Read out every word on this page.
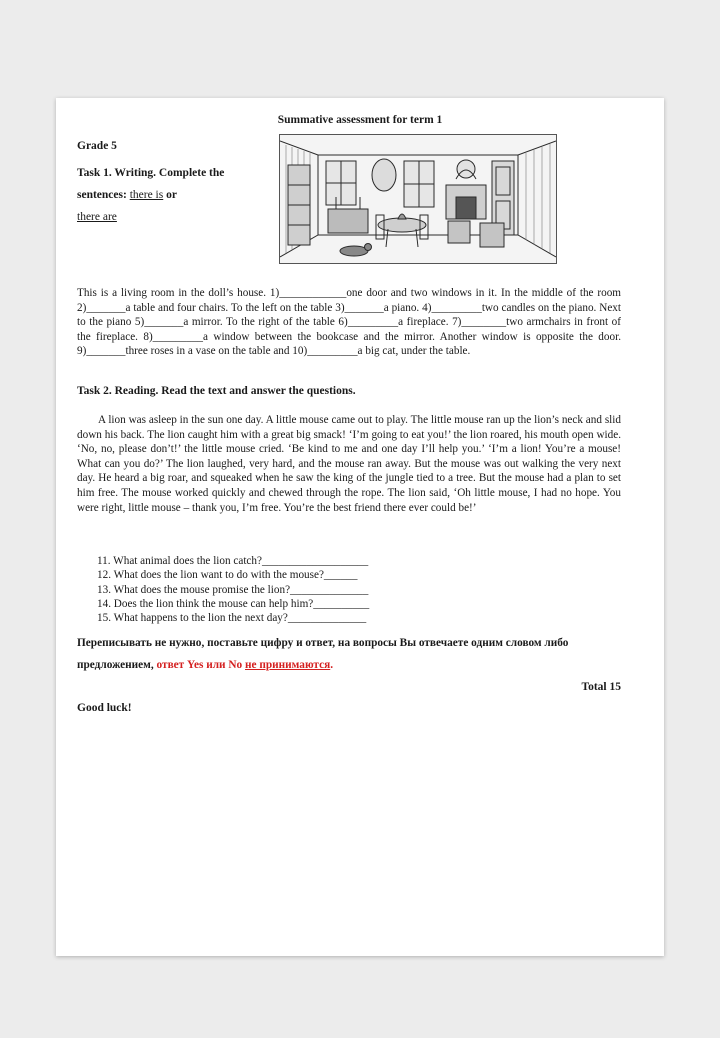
Summative assessment for term 1
Grade 5
Task 1. Writing. Complete the sentences: there is or
there are
This is a living room in the doll’s house. 1)____________one door and two windows in it. In the middle of the room 2)_______a table and four chairs. To the left on the table 3)_______a piano. 4)_________two candles on the piano. Next to the piano 5)_______a mirror. To the right of the table 6)_________a fireplace. 7)________two armchairs in front of the fireplace. 8)_________a window between the bookcase and the mirror. Another window is opposite the door. 9)_______three roses in a vase on the table and 10)_________a big cat, under the table.
Task 2. Reading. Read the text and answer the questions.
A lion was asleep in the sun one day. A little mouse came out to play. The little mouse ran up the lion’s neck and slid down his back. The lion caught him with a great big smack! ‘I’m going to eat you!’ the lion roared, his mouth open wide. ‘No, no, please don’t!’ the little mouse cried. ‘Be kind to me and one day I’ll help you.’ ‘I’m a lion! You’re a mouse! What can you do?’ The lion laughed, very hard, and the mouse ran away. But the mouse was out walking the very next day. He heard a big roar, and squeaked when he saw the king of the jungle tied to a tree. But the mouse had a plan to set him free. The mouse worked quickly and chewed through the rope. The lion said, ‘Oh little mouse, I had no hope. You were right, little mouse – thank you, I’m free. You’re the best friend there ever could be!’
11. What animal does the lion catch?___________________
12. What does the lion want to do with the mouse?______
13. What does the mouse promise the lion?______________
14. Does the lion think the mouse can help him?__________
15. What happens to the lion the next day?______________
Переписывать не нужно, поставьте цифру и ответ, на вопросы Вы отвечаете одним словом либо предложением, ответ Yes или No не принимаются.
Total 15
Good luck!
